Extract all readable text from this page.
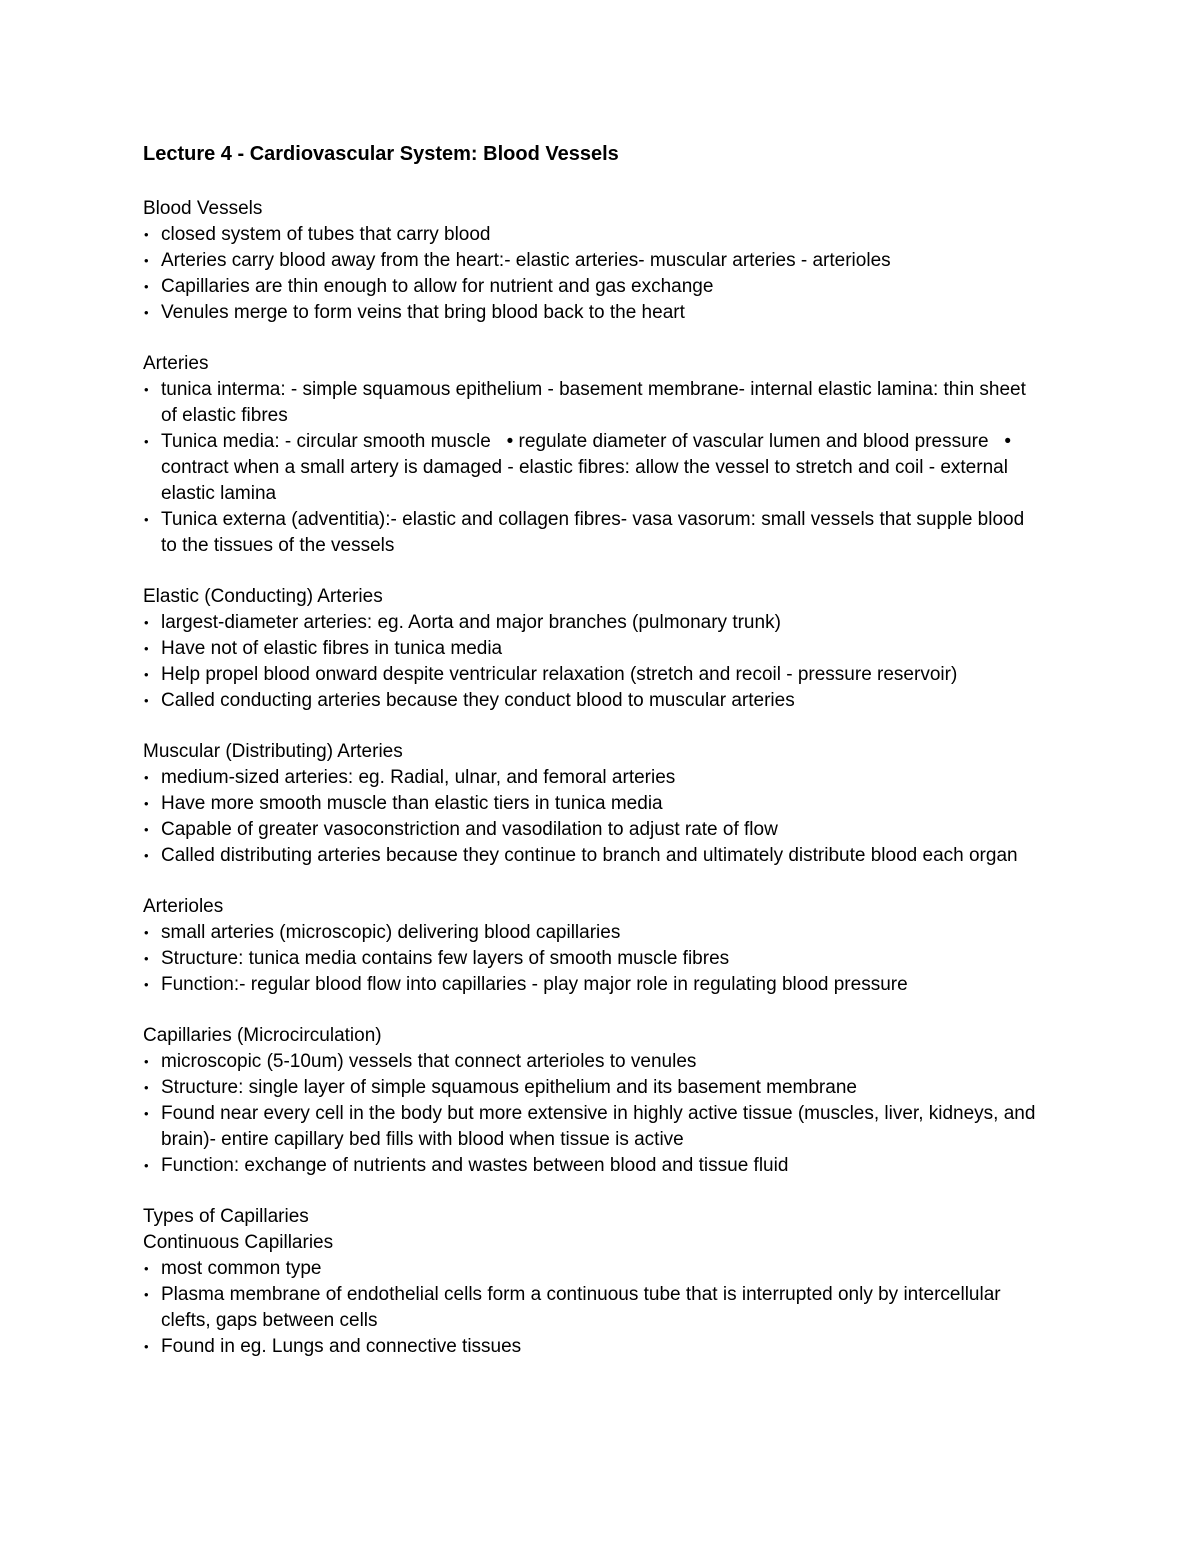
Lecture 4 - Cardiovascular System: Blood Vessels
Blood Vessels
• closed system of tubes that carry blood
• Arteries carry blood away from the heart:- elastic arteries- muscular arteries - arterioles
• Capillaries are thin enough to allow for nutrient and gas exchange
• Venules merge to form veins that bring blood back to the heart
Arteries
• tunica interma: - simple squamous epithelium - basement membrane- internal elastic lamina: thin sheet of elastic fibres
• Tunica media: - circular smooth muscle   • regulate diameter of vascular lumen and blood pressure   • contract when a small artery is damaged - elastic fibres: allow the vessel to stretch and coil - external elastic lamina
• Tunica externa (adventitia):- elastic and collagen fibres- vasa vasorum: small vessels that supple blood to the tissues of the vessels
Elastic (Conducting) Arteries
• largest-diameter arteries: eg. Aorta and major branches (pulmonary trunk)
• Have not of elastic fibres in tunica media
• Help propel blood onward despite ventricular relaxation (stretch and recoil - pressure reservoir)
• Called conducting arteries because they conduct blood to muscular arteries
Muscular (Distributing) Arteries
• medium-sized arteries: eg. Radial, ulnar, and femoral arteries
• Have more smooth muscle than elastic tiers in tunica media
• Capable of greater vasoconstriction and vasodilation to adjust rate of flow
• Called distributing arteries because they continue to branch and ultimately distribute blood each organ
Arterioles
• small arteries (microscopic) delivering blood capillaries
• Structure: tunica media contains few layers of smooth muscle fibres
• Function:- regular blood flow into capillaries - play major role in regulating blood pressure
Capillaries (Microcirculation)
• microscopic (5-10um) vessels that connect arterioles to venules
• Structure: single layer of simple squamous epithelium and its basement membrane
• Found near every cell in the body but more extensive in highly active tissue (muscles, liver, kidneys, and brain)- entire capillary bed fills with blood when tissue is active
• Function: exchange of nutrients and wastes between blood and tissue fluid
Types of Capillaries
Continuous Capillaries
• most common type
• Plasma membrane of endothelial cells form a continuous tube that is interrupted only by intercellular clefts, gaps between cells
• Found in eg. Lungs and connective tissues
